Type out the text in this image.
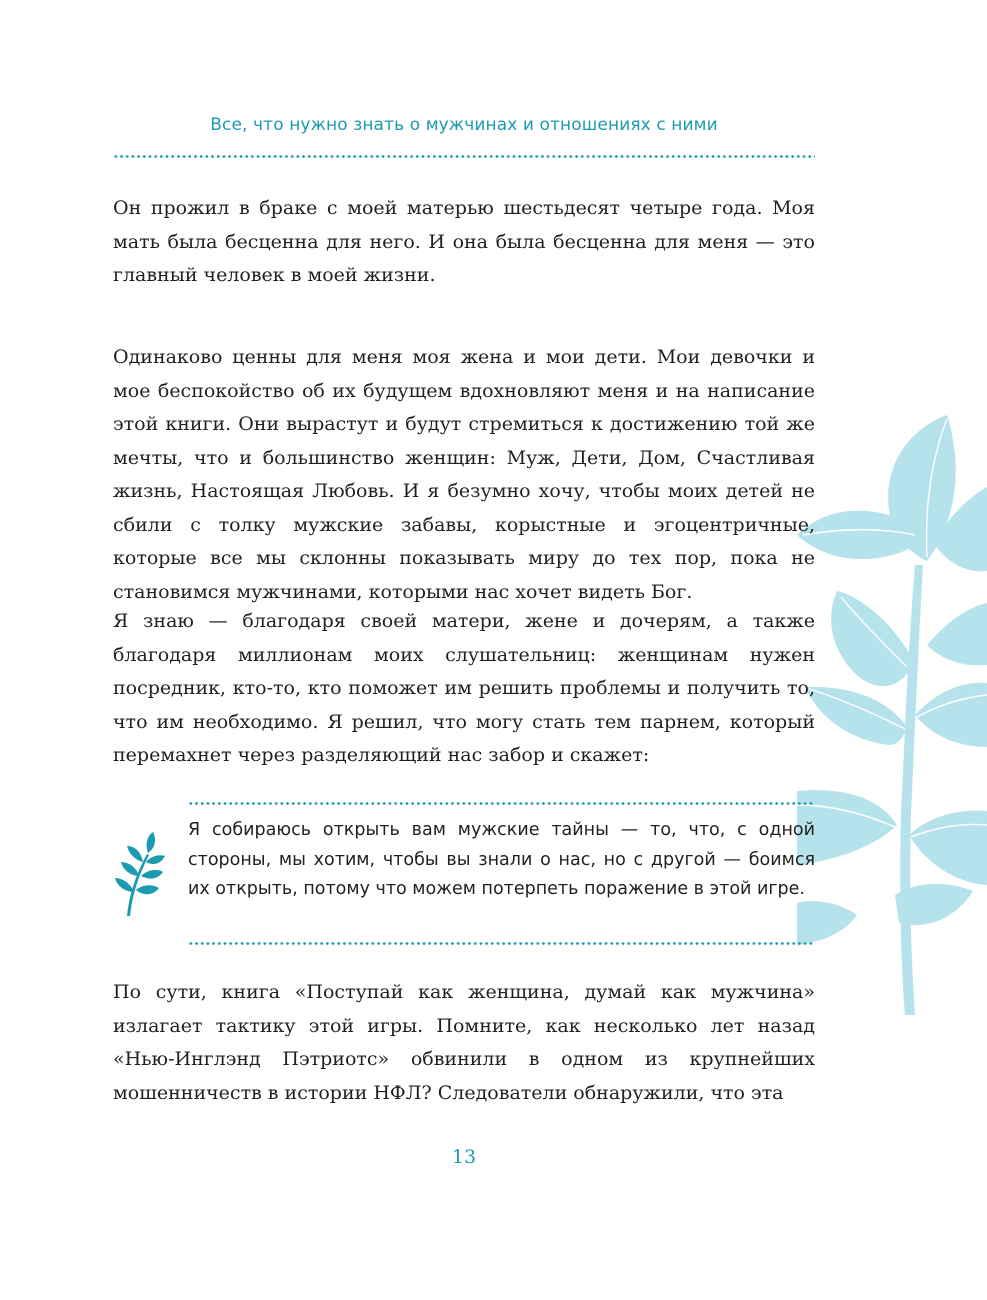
Все, что нужно знать о мужчинах и отношениях с ними

Он прожил в браке с моей матерью шестьдесят четыре года. Моя мать была бесценна для него. И она была бесценна для меня — это главный человек в моей жизни.

Одинаково ценны для меня моя жена и мои дети. Мои девочки и мое беспокойство об их будущем вдохновляют меня и на написание этой книги. Они вырастут и будут стремиться к достижению той же мечты, что и большинство женщин: Муж, Дети, Дом, Счастливая жизнь, Настоящая Любовь. И я безумно хочу, чтобы моих детей не сбили с толку мужские забавы, корыстные и эгоцентричные, которые все мы склонны показывать миру до тех пор, пока не становимся мужчинами, которыми нас хочет видеть Бог.

Я знаю — благодаря своей матери, жене и дочерям, а также благодаря миллионам моих слушательниц: женщинам нужен посредник, кто-то, кто поможет им решить проблемы и получить то, что им необходимо. Я решил, что могу стать тем парнем, который перемахнет через разделяющий нас забор и скажет:

Я собираюсь открыть вам мужские тайны — то, что, с одной стороны, мы хотим, чтобы вы знали о нас, но с другой — боимся их открыть, потому что можем потерпеть поражение в этой игре.

По сути, книга «Поступай как женщина, думай как мужчина» излагает тактику этой игры. Помните, как несколько лет назад «Нью-Инглэнд Пэтриотс» обвинили в одном из крупнейших мошенничеств в истории НФЛ? Следователи обнаружили, что эта

13
